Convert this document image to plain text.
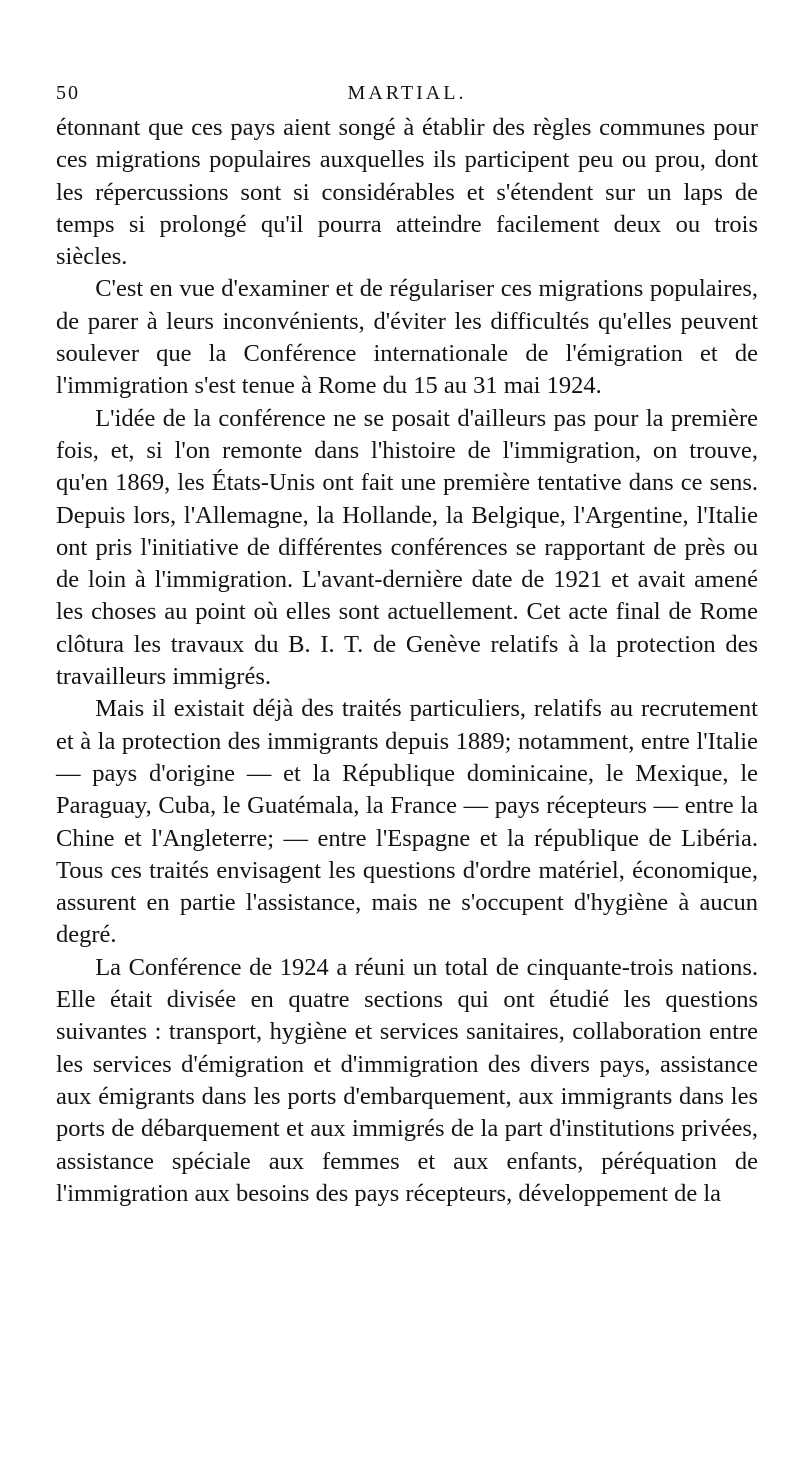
50	MARTIAL.

étonnant que ces pays aient songé à établir des règles communes pour ces migrations populaires auxquelles ils participent peu ou prou, dont les répercussions sont si considérables et s'étendent sur un laps de temps si prolongé qu'il pourra atteindre facilement deux ou trois siècles.

C'est en vue d'examiner et de régulariser ces migrations populaires, de parer à leurs inconvénients, d'éviter les difficultés qu'elles peuvent soulever que la Conférence internationale de l'émigration et de l'immigration s'est tenue à Rome du 15 au 31 mai 1924.

L'idée de la conférence ne se posait d'ailleurs pas pour la première fois, et, si l'on remonte dans l'histoire de l'immigration, on trouve, qu'en 1869, les États-Unis ont fait une première tentative dans ce sens. Depuis lors, l'Allemagne, la Hollande, la Belgique, l'Argentine, l'Italie ont pris l'initiative de différentes conférences se rapportant de près ou de loin à l'immigration. L'avant-dernière date de 1921 et avait amené les choses au point où elles sont actuellement. Cet acte final de Rome clôtura les travaux du B. I. T. de Genève relatifs à la protection des travailleurs immigrés.

Mais il existait déjà des traités particuliers, relatifs au recrutement et à la protection des immigrants depuis 1889; notamment, entre l'Italie — pays d'origine — et la République dominicaine, le Mexique, le Paraguay, Cuba, le Guatémala, la France — pays récepteurs — entre la Chine et l'Angleterre; — entre l'Espagne et la république de Libéria. Tous ces traités envisagent les questions d'ordre matériel, économique, assurent en partie l'assistance, mais ne s'occupent d'hygiène à aucun degré.

La Conférence de 1924 a réuni un total de cinquante-trois nations. Elle était divisée en quatre sections qui ont étudié les questions suivantes : transport, hygiène et services sanitaires, collaboration entre les services d'émigration et d'immigration des divers pays, assistance aux émigrants dans les ports d'embarquement, aux immigrants dans les ports de débarquement et aux immigrés de la part d'institutions privées, assistance spéciale aux femmes et aux enfants, péréquation de l'immigration aux besoins des pays récepteurs, développement de la
